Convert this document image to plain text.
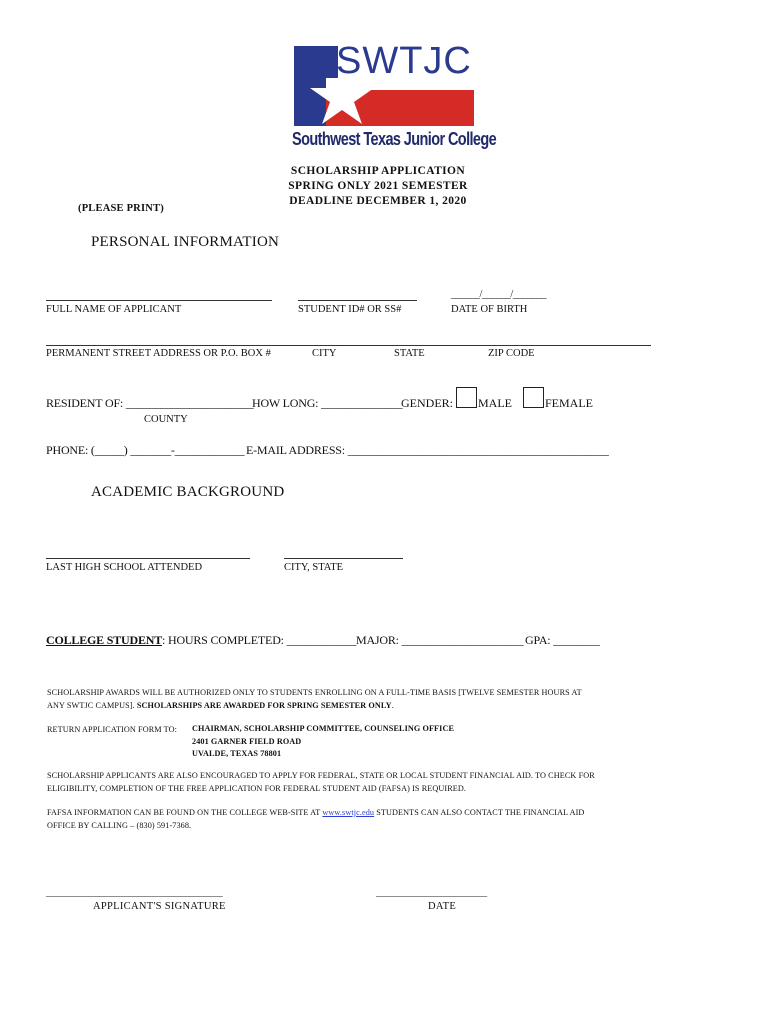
SWTJC
Southwest Texas Junior College
SCHOLARSHIP APPLICATION
SPRING ONLY 2021 SEMESTER
DEADLINE DECEMBER 1, 2020
(PLEASE PRINT)
PERSONAL INFORMATION
FULL NAME OF APPLICANT	STUDENT ID# OR SS#
______/______/_______
DATE OF BIRTH
PERMANENT STREET ADDRESS OR P.O. BOX #	CITY	STATE	ZIP CODE
RESIDENT OF: ______________________
HOW LONG: ______________
GENDER: MALE	FEMALE
COUNTY
PHONE: (_____) _______-____________ E-MAIL ADDRESS: _____________________________________________
ACADEMIC BACKGROUND
LAST HIGH SCHOOL ATTENDED	CITY, STATE
COLLEGE STUDENT: HOURS COMPLETED: ____________ MAJOR: _____________________ GPA: ________
SCHOLARSHIP AWARDS WILL BE AUTHORIZED ONLY TO STUDENTS ENROLLING ON A FULL-TIME BASIS [TWELVE SEMESTER HOURS AT
ANY SWTJC CAMPUS]. SCHOLARSHIPS ARE AWARDED FOR SPRING SEMESTER ONLY.
RETURN APPLICATION FORM TO: CHAIRMAN, SCHOLARSHIP COMMITTEE, COUNSELING OFFICE
2401 GARNER FIELD ROAD
UVALDE, TEXAS 78801
SCHOLARSHIP APPLICANTS ARE ALSO ENCOURAGED TO APPLY FOR FEDERAL, STATE OR LOCAL STUDENT FINANCIAL AID. TO CHECK FOR
ELIGIBILITY, COMPLETION OF THE FREE APPLICATION FOR FEDERAL STUDENT AID (FAFSA) IS REQUIRED.
FAFSA INFORMATION CAN BE FOUND ON THE COLLEGE WEB-SITE AT www.swtjc.edu STUDENTS CAN ALSO CONTACT THE FINANCIAL AID
OFFICE BY CALLING – (830) 591-7368.
___________________________________________
APPLICANT'S SIGNATURE
___________________________
DATE
